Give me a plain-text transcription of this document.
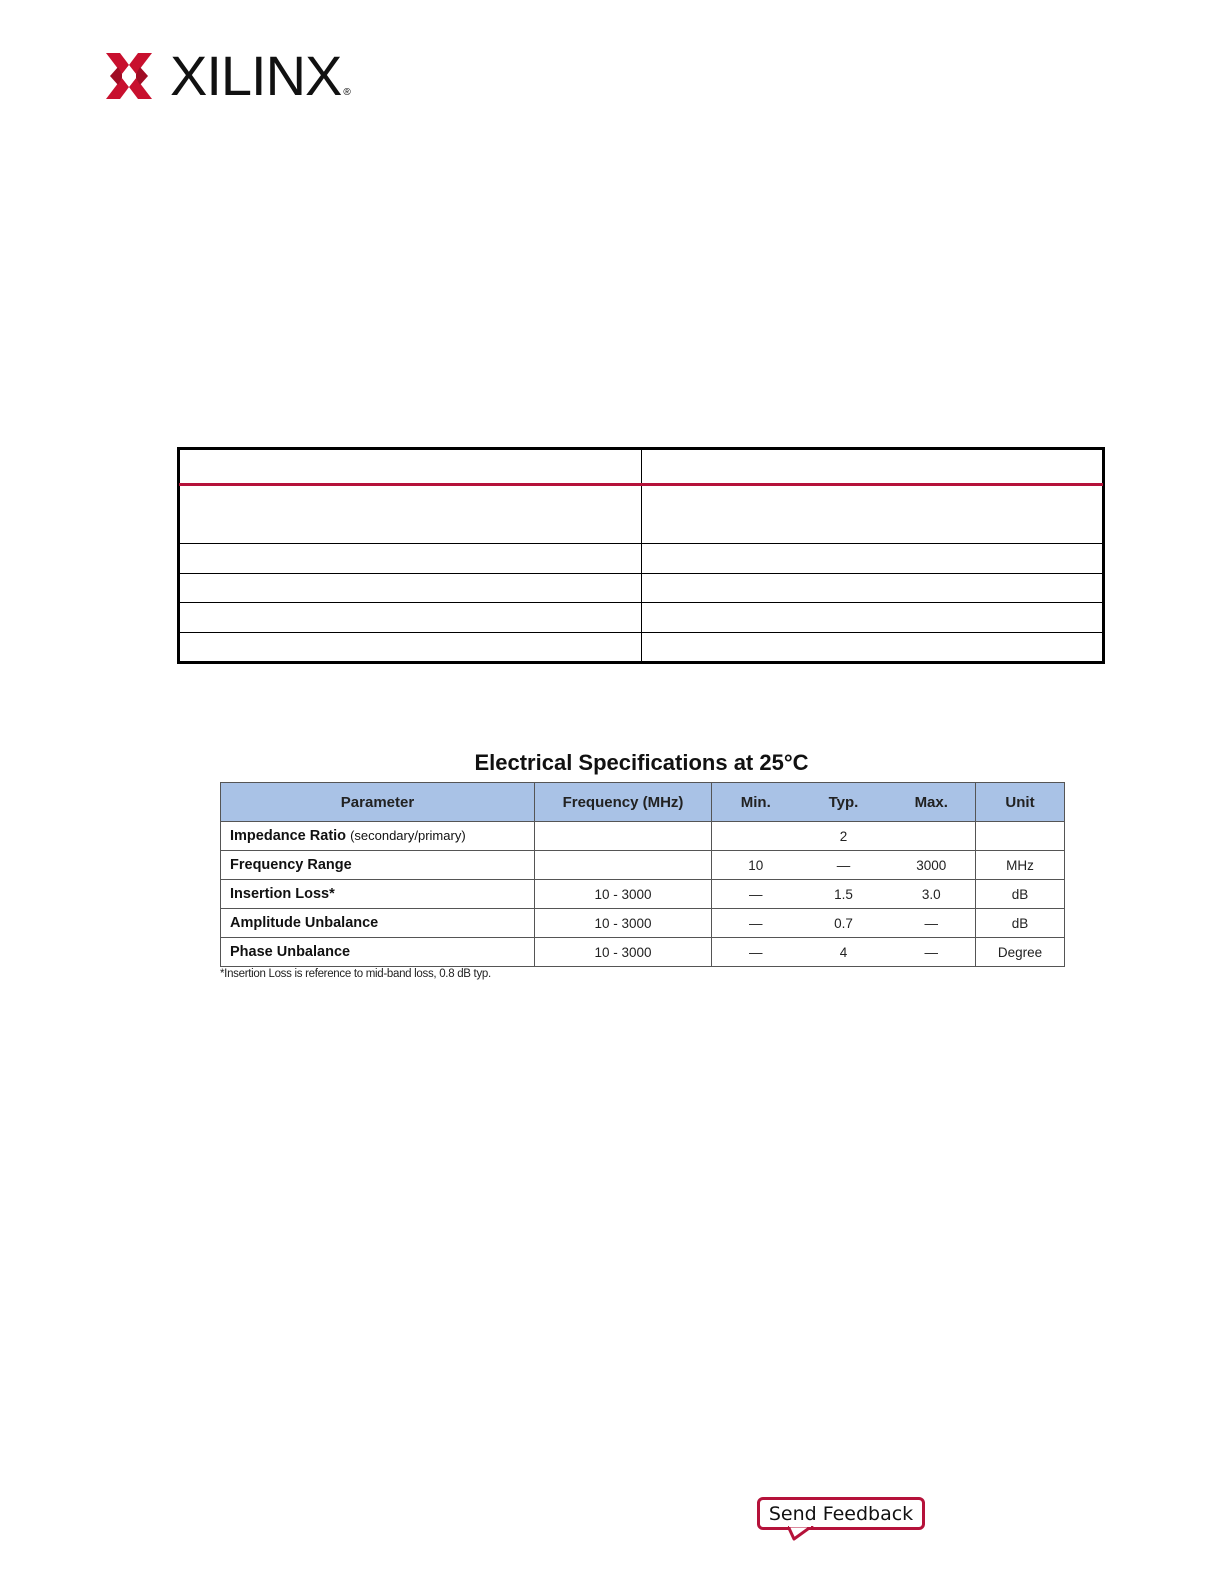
XILINX ®

Electrical Specifications at 25°C
Parameter	Frequency (MHz)	Min.	Typ.	Max.	Unit
Impedance Ratio (secondary/primary)			2		
Frequency Range		10	—	3000	MHz
Insertion Loss*	10 - 3000	—	1.5	3.0	dB
Amplitude Unbalance	10 - 3000	—	0.7	—	dB
Phase Unbalance	10 - 3000	—	4	—	Degree
*Insertion Loss is reference to mid-band loss, 0.8 dB typ.
Send Feedback
